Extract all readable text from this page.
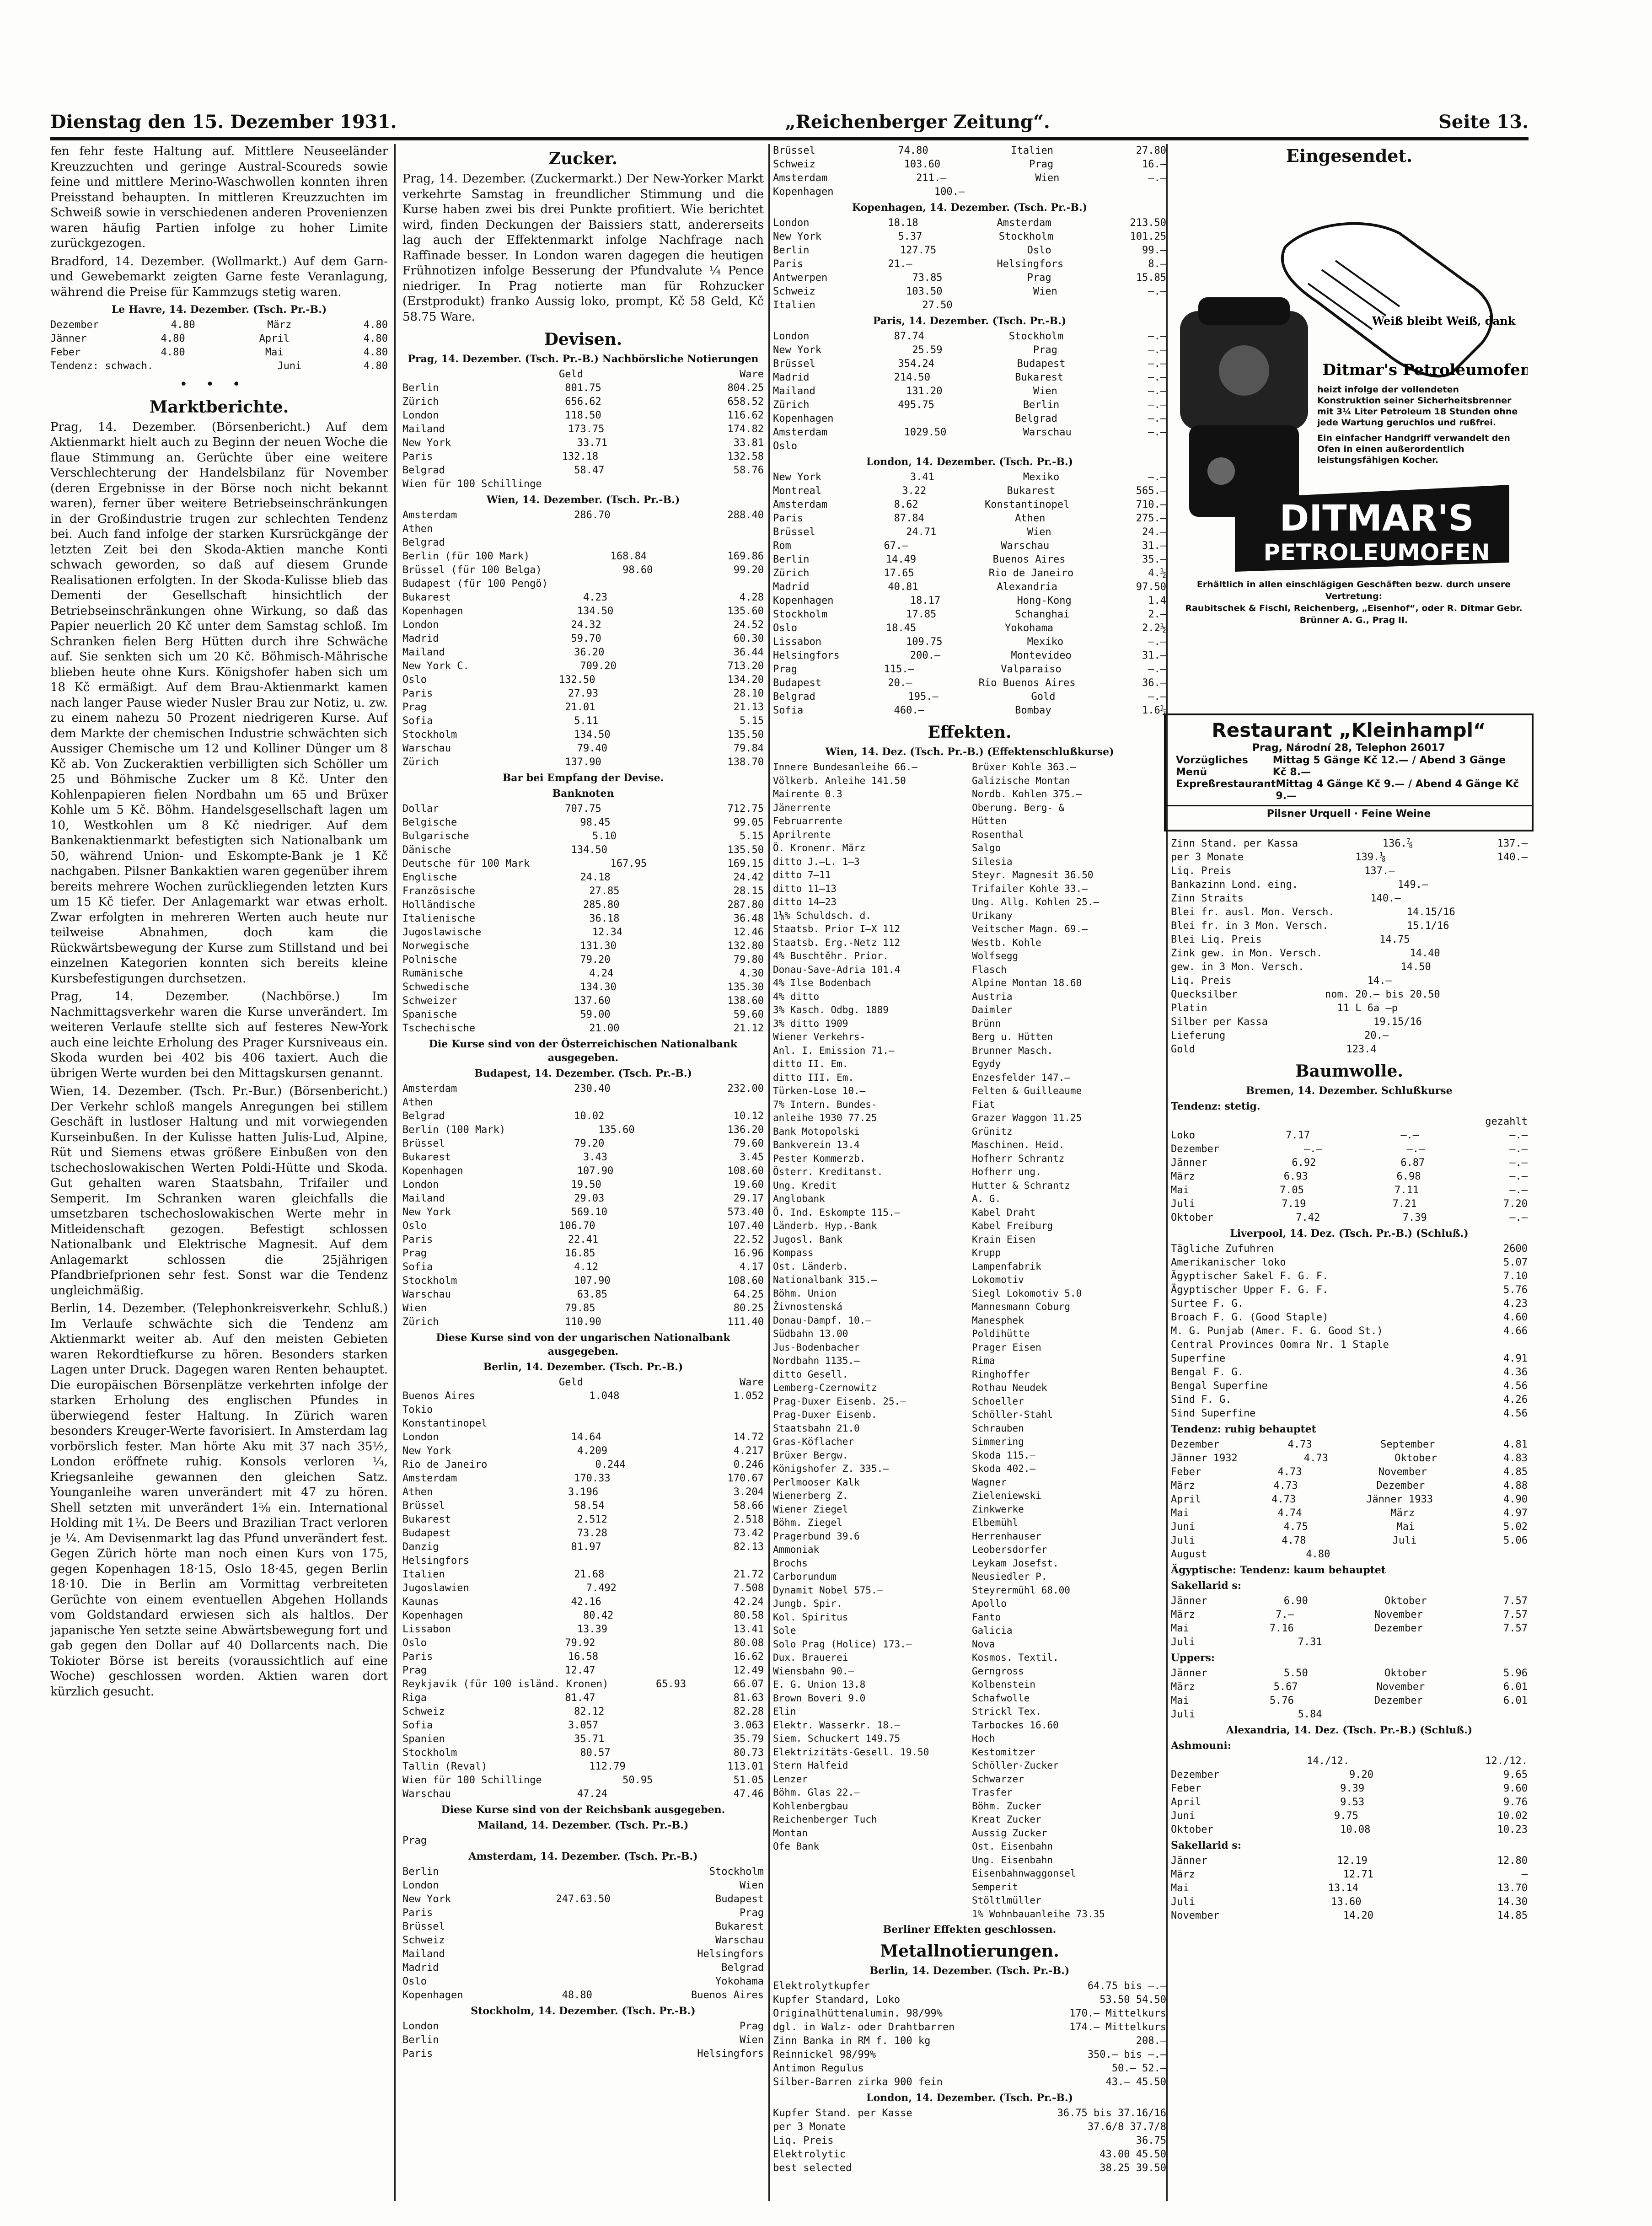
Dienstag den 15. Dezember 1931.	„Reichenberger Zeitung“.	Seite 13.

fen fehr feste Haltung auf. Mittlere Neuseeländer Kreuzzuchten und geringe Austral-Scoureds sowie feine und mittlere Merino-Waschwollen konnten ihren Preisstand behaupten. In mittleren Kreuzzuchten im Schweiß sowie in verschiedenen anderen Provenienzen waren häufig Partien infolge zu hoher Limite zurückgezogen.

Bradford, 14. Dezember. (Wollmarkt.) Auf dem Garn- und Gewebemarkt zeigten Garne feste Veranlagung, während die Preise für Kammzugs stetig waren.

Le Havre, 14. Dezember. (Tsch. Pr.-B.)
Dezember	4.80	März	4.80
Jänner	4.80	April	4.80
Feber	4.80	Mai	4.80
Tendenz: schwach.	Juni	4.80
•••
Marktberichte.

Prag, 14. Dezember. (Börsenbericht.) Auf dem Aktienmarkt hielt auch zu Beginn der neuen Woche die flaue Stimmung an. Gerüchte über eine weitere Verschlechterung der Handelsbilanz für November (deren Ergebnisse in der Börse noch nicht bekannt waren), ferner über weitere Betriebseinschränkungen in der Großindustrie trugen zur schlechten Tendenz bei. Auch fand infolge der starken Kursrückgänge der letzten Zeit bei den Skoda-Aktien manche Konti schwach geworden, so daß auf diesem Grunde Realisationen erfolgten. In der Skoda-Kulisse blieb das Dementi der Gesellschaft hinsichtlich der Betriebseinschränkungen ohne Wirkung, so daß das Papier neuerlich 20 Kč unter dem Samstag schloß. Im Schranken fielen Berg Hütten durch ihre Schwäche auf. Sie senkten sich um 20 Kč. Böhmisch-Mährische blieben heute ohne Kurs. Königshofer haben sich um 18 Kč ermäßigt. Auf dem Brau-Aktienmarkt kamen nach langer Pause wieder Nusler Brau zur Notiz, u. zw. zu einem nahezu 50 Prozent niedrigeren Kurse. Auf dem Markte der chemischen Industrie schwächten sich Aussiger Chemische um 12 und Kolliner Dünger um 8 Kč ab. Von Zuckeraktien verbilligten sich Schöller um 25 und Böhmische Zucker um 8 Kč. Unter den Kohlenpapieren fielen Nordbahn um 65 und Brüxer Kohle um 5 Kč. Böhm. Handelsgesellschaft lagen um 10, Westkohlen um 8 Kč niedriger. Auf dem Bankenaktienmarkt befestigten sich Nationalbank um 50, während Union- und Eskompte-Bank je 1 Kč nachgaben. Pilsner Bankaktien waren gegenüber ihrem bereits mehrere Wochen zurückliegenden letzten Kurs um 15 Kč tiefer. Der Anlagemarkt war etwas erholt. Zwar erfolgten in mehreren Werten auch heute nur teilweise Abnahmen, doch kam die Rückwärtsbewegung der Kurse zum Stillstand und bei einzelnen Kategorien konnten sich bereits kleine Kursbefestigungen durchsetzen.

Prag, 14. Dezember. (Nachbörse.) Im Nachmittagsverkehr waren die Kurse unverändert. Im weiteren Verlaufe stellte sich auf festeres New-York auch eine leichte Erholung des Prager Kursniveaus ein. Skoda wurden bei 402 bis 406 taxiert. Auch die übrigen Werte wurden bei den Mittagskursen genannt.

Wien, 14. Dezember. (Tsch. Pr.-Bur.) (Börsenbericht.) Der Verkehr schloß mangels Anregungen bei stillem Geschäft in lustloser Haltung und mit vorwiegenden Kurseinbußen. In der Kulisse hatten Julis-Lud, Alpine, Rüt und Siemens etwas größere Einbußen von den tschechoslowakischen Werten Poldi-Hütte und Skoda. Gut gehalten waren Staatsbahn, Trifailer und Semperit. Im Schranken waren gleichfalls die umsetzbaren tschechoslowakischen Werte mehr in Mitleidenschaft gezogen. Befestigt schlossen Nationalbank und Elektrische Magnesit. Auf dem Anlagemarkt schlossen die 25jährigen Pfandbriefprionen sehr fest. Sonst war die Tendenz ungleichmäßig.

Berlin, 14. Dezember. (Telephonkreisverkehr. Schluß.) Im Verlaufe schwächte sich die Tendenz am Aktienmarkt weiter ab. Auf den meisten Gebieten waren Rekordtiefkurse zu hören. Besonders starken Lagen unter Druck. Dagegen waren Renten behauptet. Die europäischen Börsenplätze verkehrten infolge der starken Erholung des englischen Pfundes in überwiegend fester Haltung. In Zürich waren besonders Kreuger-Werte favorisiert. In Amsterdam lag vorbörslich fester. Man hörte Aku mit 37 nach 35½, London eröffnete ruhig. Konsols verloren ¼, Kriegsanleihe gewannen den gleichen Satz. Younganleihe waren unverändert mit 47 zu hören. Shell setzten mit unverändert 1⅝ ein. International Holding mit 1¼. De Beers und Brazilian Tract verloren je ¼. Am Devisenmarkt lag das Pfund unverändert fest. Gegen Zürich hörte man noch einen Kurs von 175, gegen Kopenhagen 18·15, Oslo 18·45, gegen Berlin 18·10. Die in Berlin am Vormittag verbreiteten Gerüchte von einem eventuellen Abgehen Hollands vom Goldstandard erwiesen sich als haltlos. Der japanische Yen setzte seine Abwärtsbewegung fort und gab gegen den Dollar auf 40 Dollarcents nach. Die Tokioter Börse ist bereits (voraussichtlich auf eine Woche) geschlossen worden. Aktien waren dort kürzlich gesucht.

Zucker.

Prag, 14. Dezember. (Zuckermarkt.) Der New-Yorker Markt verkehrte Samstag in freundlicher Stimmung und die Kurse haben zwei bis drei Punkte profitiert. Wie berichtet wird, finden Deckungen der Baissiers statt, andererseits lag auch der Effektenmarkt infolge Nachfrage nach Raffinade besser. In London waren dagegen die heutigen Frühnotizen infolge Besserung der Pfundvalute ¼ Pence niedriger. In Prag notierte man für Rohzucker (Erstprodukt) franko Aussig loko, prompt, Kč 58 Geld, Kč 58.75 Ware.

Devisen.
Prag, 14. Dezember. (Tsch. Pr.-B.) Nachbörsliche Notierungen
Geld	Ware
Berlin	801.75	804.25
Zürich	656.62	658.52
London	118.50	116.62
Mailand	173.75	174.82
New York	33.71	33.81
Paris	132.18	132.58
Belgrad	58.47	58.76
Wien für 100 Schillinge
Wien, 14. Dezember. (Tsch. Pr.-B.)
Amsterdam	286.70	288.40
Athen
Belgrad
Berlin (für 100 Mark)	168.84	169.86
Brüssel (für 100 Belga)	98.60	99.20
Budapest (für 100 Pengö)
Bukarest	4.23	4.28
Kopenhagen	134.50	135.60
London	24.32	24.52
Madrid	59.70	60.30
Mailand	36.20	36.44
New York C.	709.20	713.20
Oslo	132.50	134.20
Paris	27.93	28.10
Prag	21.01	21.13
Sofia	5.11	5.15
Stockholm	134.50	135.50
Warschau	79.40	79.84
Zürich	137.90	138.70
Bar bei Empfang der Devise.
Banknoten
Dollar	707.75	712.75
Belgische	98.45	99.05
Bulgarische	5.10	5.15
Dänische	134.50	135.50
Deutsche für 100 Mark	167.95	169.15
Englische	24.18	24.42
Französische	27.85	28.15
Holländische	285.80	287.80
Italienische	36.18	36.48
Jugoslawische	12.34	12.46
Norwegische	131.30	132.80
Polnische	79.20	79.80
Rumänische	4.24	4.30
Schwedische	134.30	135.30
Schweizer	137.60	138.60
Spanische	59.00	59.60
Tschechische	21.00	21.12
Die Kurse sind von der Österreichischen Nationalbank ausgegeben.
Budapest, 14. Dezember. (Tsch. Pr.-B.)
Amsterdam	230.40	232.00
Athen
Belgrad	10.02	10.12
Berlin (100 Mark)	135.60	136.20
Brüssel	79.20	79.60
Bukarest	3.43	3.45
Kopenhagen	107.90	108.60
London	19.50	19.60
Mailand	29.03	29.17
New York	569.10	573.40
Oslo	106.70	107.40
Paris	22.41	22.52
Prag	16.85	16.96
Sofia	4.12	4.17
Stockholm	107.90	108.60
Warschau	63.85	64.25
Wien	79.85	80.25
Zürich	110.90	111.40
Diese Kurse sind von der ungarischen Nationalbank ausgegeben.
Berlin, 14. Dezember. (Tsch. Pr.-B.)
Geld	Ware
Buenos Aires	1.048	1.052
Tokio
Konstantinopel
London	14.64	14.72
New York	4.209	4.217
Rio de Janeiro	0.244	0.246
Amsterdam	170.33	170.67
Athen	3.196	3.204
Brüssel	58.54	58.66
Bukarest	2.512	2.518
Budapest	73.28	73.42
Danzig	81.97	82.13
Helsingfors
Italien	21.68	21.72
Jugoslawien	7.492	7.508
Kaunas	42.16	42.24
Kopenhagen	80.42	80.58
Lissabon	13.39	13.41
Oslo	79.92	80.08
Paris	16.58	16.62
Prag	12.47	12.49
Reykjavik (für 100 isländ. Kronen)	65.93	66.07
Riga	81.47	81.63
Schweiz	82.12	82.28
Sofia	3.057	3.063
Spanien	35.71	35.79
Stockholm	80.57	80.73
Tallin (Reval)	112.79	113.01
Wien für 100 Schillinge	50.95	51.05
Warschau	47.24	47.46
Diese Kurse sind von der Reichsbank ausgegeben.
Mailand, 14. Dezember. (Tsch. Pr.-B.)
Prag
Amsterdam, 14. Dezember. (Tsch. Pr.-B.)
Berlin	Stockholm
London	Wien
New York	247.63.50	Budapest
Paris	Prag
Brüssel	Bukarest
Schweiz	Warschau
Mailand	Helsingfors
Madrid	Belgrad
Oslo	Yokohama
Kopenhagen	48.80	Buenos Aires
Stockholm, 14. Dezember. (Tsch. Pr.-B.)
London	Prag
Berlin	Wien
Paris	Helsingfors
Brüssel	74.80	Italien	27.80
Schweiz	103.60	Prag	16.—
Amsterdam	211.—	Wien	—.—
Kopenhagen	100.—
Kopenhagen, 14. Dezember. (Tsch. Pr.-B.)
London	18.18	Amsterdam	213.50
New York	5.37	Stockholm	101.25
Berlin	127.75	Oslo	99.—
Paris	21.—	Helsingfors	8.—
Antwerpen	73.85	Prag	15.85
Schweiz	103.50	Wien	—.—
Italien	27.50
Paris, 14. Dezember. (Tsch. Pr.-B.)
London	87.74	Stockholm	—.—
New York	25.59	Prag	—.—
Brüssel	354.24	Budapest	—.—
Madrid	214.50	Bukarest	—.—
Mailand	131.20	Wien	—.—
Zürich	495.75	Berlin	—.—
Kopenhagen	Belgrad	—.—
Amsterdam	1029.50	Warschau	—.—
Oslo
London, 14. Dezember. (Tsch. Pr.-B.)
New York	3.41	Mexiko	—.—
Montreal	3.22	Bukarest	565.—
Amsterdam	8.62	Konstantinopel	710.—
Paris	87.84	Athen	275.—
Brüssel	24.71	Wien	24.—
Rom	67.—	Warschau	31.—
Berlin	14.49	Buenos Aires	35.—
Zürich	17.65	Rio de Janeiro	4.½
Madrid	40.81	Alexandria	97.50
Kopenhagen	18.17	Hong-Kong	1.4
Stockholm	17.85	Schanghai	2.—
Oslo	18.45	Yokohama	2.2½
Lissabon	109.75	Mexiko	—.—
Helsingfors	200.—	Montevideo	31.—
Prag	115.—	Valparaiso	—.—
Budapest	20.—	Rio Buenos Aires	36.—
Belgrad	195.—	Gold	—.—
Sofia	460.—	Bombay	1.6½
Effekten.
Wien, 14. Dez. (Tsch. Pr.-B.) (Effektenschlußkurse)
Innere Bundesanleihe 66.—
Völkerb. Anleihe 141.50
Mairente 0.3
Jänerrente
Februarrente
Aprilrente
Ö. Kronenr. März
ditto J.—L. 1—3
ditto 7—11
ditto 11—13
ditto 14—23
1⅛% Schuldsch. d.
Staatsb. Prior I—X 112
Staatsb. Erg.-Netz 112
4% Buschtěhr. Prior.
Donau-Save-Adria 101.4
4% Ilse Bodenbach
4% ditto
3% Kasch. Odbg. 1889
3% ditto 1909
Wiener Verkehrs-
Anl. I. Emission 71.—
ditto II. Em.
ditto III. Em.
Türken-Lose 10.—
7% Intern. Bundes-
anleihe 1930 77.25
Bank Motopolski
Bankverein 13.4
Pester Kommerzb.
Österr. Kreditanst.
Ung. Kredit
Anglobank
Ö. Ind. Eskompte 115.—
Länderb. Hyp.-Bank
Jugosl. Bank
Kompass
Ost. Länderb.
Nationalbank 315.—
Böhm. Union
Živnostenská
Donau-Dampf. 10.—
Südbahn 13.00
Jus-Bodenbacher
Nordbahn 1135.—
ditto Gesell.
Lemberg-Czernowitz
Prag-Duxer Eisenb. 25.—
Prag-Duxer Eisenb.
Staatsbahn 21.0
Gras-Köflacher
Brüxer Bergw.
Königshofer Z. 335.—
Perlmooser Kalk
Wienerberg Z.
Wiener Ziegel
Böhm. Ziegel
Pragerbund 39.6
Ammoniak
Brochs
Carborundum
Dynamit Nobel 575.—
Jungb. Spir.
Kol. Spiritus
Sole
Solo Prag (Holice) 173.—
Dux. Brauerei
Wiensbahn 90.—
E. G. Union 13.8
Brown Boveri 9.0
Elin
Elektr. Wasserkr. 18.—
Siem. Schuckert 149.75
Elektrizitäts-Gesell. 19.50
Stern Halfeid
Lenzer
Böhm. Glas 22.—
Kohlenbergbau
Reichenberger Tuch
Montan
Ofe Bank
Brüxer Kohle 363.—
Galizische Montan
Nordb. Kohlen 375.—
Oberung. Berg- &
Hütten
Rosenthal
Salgo
Silesia
Steyr. Magnesit 36.50
Trifailer Kohle 33.—
Ung. Allg. Kohlen 25.—
Urikany
Veitscher Magn. 69.—
Westb. Kohle
Wolfsegg
Flasch
Alpine Montan 18.60
Austria
Daimler
Brünn
Berg u. Hütten
Brunner Masch.
Egydy
Enzesfelder 147.—
Felten & Guilleaume
Fiat
Grazer Waggon 11.25
Grünitz
Maschinen. Heid.
Hofherr Schrantz
Hofherr ung.
Hutter & Schrantz
A. G.
Kabel Draht
Kabel Freiburg
Krain Eisen
Krupp
Lampenfabrik
Lokomotiv
Siegl Lokomotiv 5.0
Mannesmann Coburg
Manesphek
Poldihütte
Prager Eisen
Rima
Ringhoffer
Rothau Neudek
Schoeller
Schöller-Stahl
Schrauben
Simmering
Skoda 115.—
Skoda 402.—
Wagner
Zieleniewski
Zinkwerke
Elbemühl
Herrenhauser
Leobersdorfer
Leykam Josefst.
Neusiedler P.
Steyrermühl 68.00
Apollo
Fanto
Galicia
Nova
Kosmos. Textil.
Gerngross
Kolbenstein
Schafwolle
Strickl Tex.
Tarbockes 16.60
Hoch
Kestomitzer
Schöller-Zucker
Schwarzer
Trasfer
Böhm. Zucker
Kreat Zucker
Aussig Zucker
Ost. Eisenbahn
Ung. Eisenbahn
Eisenbahnwaggonsel
Semperit
Stöltlmüller
1% Wohnbauanleihe 73.35
Berliner Effekten geschlossen.
Metallnotierungen.
Berlin, 14. Dezember. (Tsch. Pr.-B.)
Elektrolytkupfer	64.75 bis —.—
Kupfer Standard, Loko	53.50 54.50
Originalhüttenalumin. 98/99%	170.— Mittelkurs
dgl. in Walz- oder Drahtbarren	174.— Mittelkurs
Zinn Banka in RM f. 100 kg	208.—
Reinnickel 98/99%	350.— bis —.—
Antimon Regulus	50.— 52.—
Silber-Barren zirka 900 fein	43.— 45.50
London, 14. Dezember. (Tsch. Pr.-B.)
Kupfer Stand. per Kasse	36.75 bis 37.16/16
per 3 Monate	37.6/8 37.7/8
Liq. Preis	36.75
Elektrolytic	43.00 45.50
best selected	38.25 39.50
Eingesendet.
Weiß bleibt Weiß, dank
Ditmar's Petroleumofen
heizt infolge der vollendeten Konstruktion seiner Sicherheitsbrenner mit 3¼ Liter Petroleum 18 Stunden ohne jede Wartung geruchlos und rußfrei.
Ein einfacher Handgriff verwandelt den Ofen in einen außerordentlich leistungsfähigen Kocher.
DITMAR'S
PETROLEUMOFEN
Erhältlich in allen einschlägigen Geschäften bezw. durch unsere Vertretung:
Raubitschek & Fischl, Reichenberg, „Eisenhof“, oder R. Ditmar Gebr. Brünner A. G., Prag II.
Restaurant „Kleinhampl“
Prag, Národní 28, Telephon 26017
Vorzügliches Menü
Mittag 5 Gänge Kč 12.— / Abend 3 Gänge Kč 8.—
Expreßrestaurant Mittag 4 Gänge Kč 9.— / Abend 4 Gänge Kč 9.—
Pilsner Urquell · Feine Weine
Zinn Stand. per Kassa	136.⅞	137.—
per 3 Monate	139.⅛	140.—
Liq. Preis	137.—
Bankazinn Lond. eing.	149.—
Zinn Straits	140.—
Blei fr. ausl. Mon. Versch.	14.15/16
Blei fr. in 3 Mon. Versch.	15.1/16
Blei Liq. Preis	14.75
Zink gew. in Mon. Versch.	14.40
gew. in 3 Mon. Versch.	14.50
Liq. Preis	14.—
Quecksilber	nom. 20.— bis 20.50
Platin	11 L 6a —p
Silber per Kassa	19.15/16
Lieferung	20.—
Gold	123.4
Baumwolle.
Bremen, 14. Dezember. Schlußkurse
Tendenz: stetig.
gezahlt
Loko	7.17	—.—	—.—
Dezember	—.—	—.—	—.—
Jänner	6.92	6.87	—.—
März	6.93	6.98	—.—
Mai	7.05	7.11	—.—
Juli	7.19	7.21	7.20
Oktober	7.42	7.39	—.—
Liverpool, 14. Dez. (Tsch. Pr.-B.) (Schluß.)
Tägliche Zufuhren	2600
Amerikanischer loko	5.07
Ägyptischer Sakel F. G. F.	7.10
Ägyptischer Upper F. G. F.	5.76
Surtee F. G.	4.23
Broach F. G. (Good Staple)	4.60
M. G. Punjab (Amer. F. G. Good St.)	4.66
Central Provinces Oomra Nr. 1 Staple
Superfine	4.91
Bengal F. G.	4.36
Bengal Superfine	4.56
Sind F. G.	4.26
Sind Superfine	4.56
Tendenz: ruhig behauptet
Dezember	4.73	September	4.81
Jänner 1932	4.73	Oktober	4.83
Feber	4.73	November	4.85
März	4.73	Dezember	4.88
April	4.73	Jänner 1933	4.90
Mai	4.74	März	4.97
Juni	4.75	Mai	5.02
Juli	4.78	Juli	5.06
August	4.80
Ägyptische: Tendenz: kaum behauptet
Sakellarid s:
Jänner	6.90	Oktober	7.57
März	7.—	November	7.57
Mai	7.16	Dezember	7.57
Juli	7.31
Uppers:
Jänner	5.50	Oktober	5.96
März	5.67	November	6.01
Mai	5.76	Dezember	6.01
Juli	5.84
Alexandria, 14. Dez. (Tsch. Pr.-B.) (Schluß.)
Ashmouni:
14./12.	12./12.
Dezember	9.20	9.65
Feber	9.39	9.60
April	9.53	9.76
Juni	9.75	10.02
Oktober	10.08	10.23
Sakellarid s:
Jänner	12.19	12.80
März	12.71	—
Mai	13.14	13.70
Juli	13.60	14.30
November	14.20	14.85
